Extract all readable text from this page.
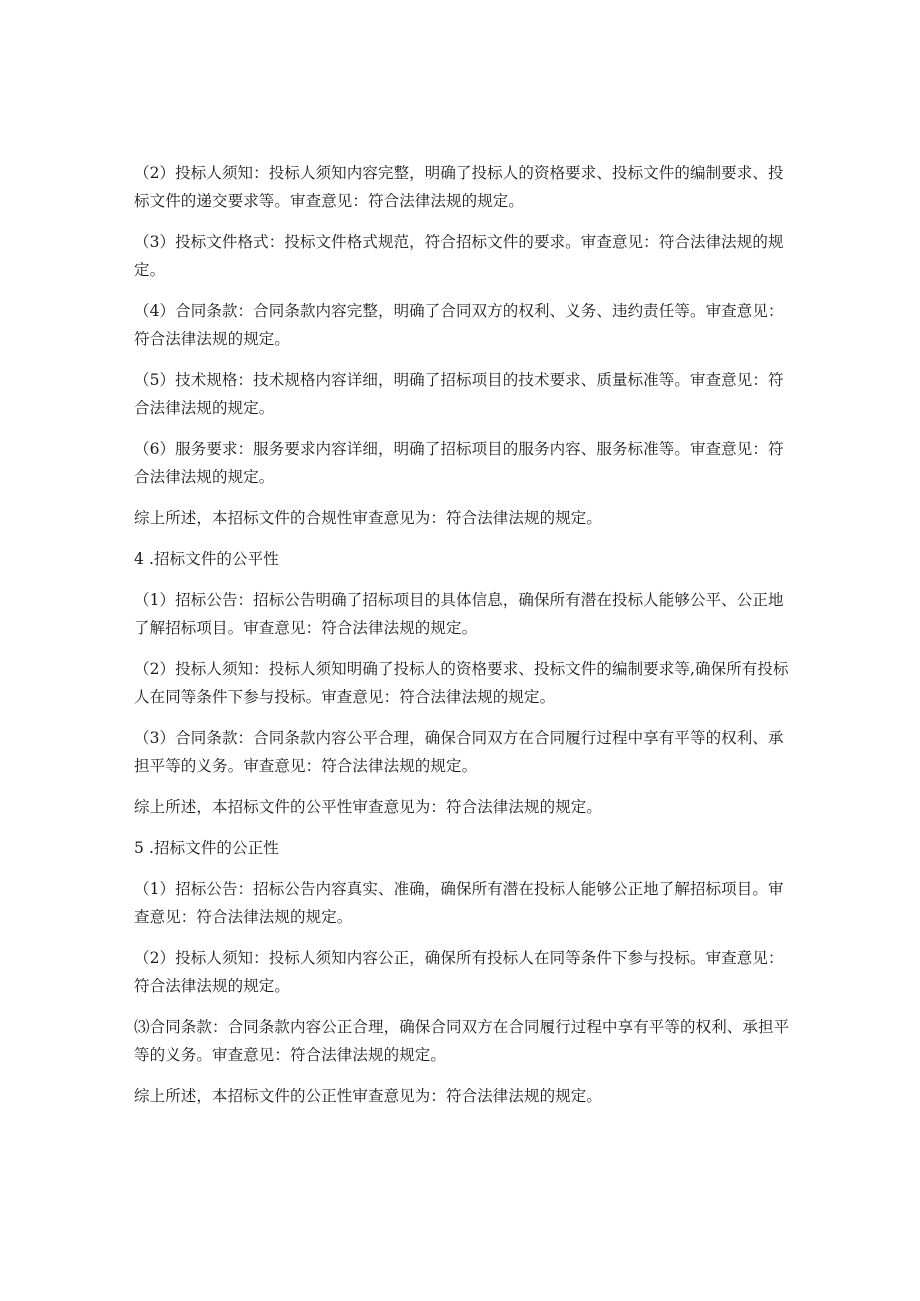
（2）投标人须知：投标人须知内容完整，明确了投标人的资格要求、投标文件的编制要求、投标文件的递交要求等。审查意见：符合法律法规的规定。

（3）投标文件格式：投标文件格式规范，符合招标文件的要求。审查意见：符合法律法规的规定。

（4）合同条款：合同条款内容完整，明确了合同双方的权利、义务、违约责任等。审查意见：符合法律法规的规定。

（5）技术规格：技术规格内容详细，明确了招标项目的技术要求、质量标准等。审查意见：符合法律法规的规定。

（6）服务要求：服务要求内容详细，明确了招标项目的服务内容、服务标准等。审查意见：符合法律法规的规定。

综上所述，本招标文件的合规性审查意见为：符合法律法规的规定。

4 .招标文件的公平性

（1）招标公告：招标公告明确了招标项目的具体信息，确保所有潜在投标人能够公平、公正地了解招标项目。审查意见：符合法律法规的规定。

（2）投标人须知：投标人须知明确了投标人的资格要求、投标文件的编制要求等,确保所有投标人在同等条件下参与投标。审查意见：符合法律法规的规定。

（3）合同条款：合同条款内容公平合理，确保合同双方在合同履行过程中享有平等的权利、承担平等的义务。审查意见：符合法律法规的规定。

综上所述，本招标文件的公平性审查意见为：符合法律法规的规定。

5 .招标文件的公正性

（1）招标公告：招标公告内容真实、准确，确保所有潜在投标人能够公正地了解招标项目。审查意见：符合法律法规的规定。

（2）投标人须知：投标人须知内容公正，确保所有投标人在同等条件下参与投标。审查意见：符合法律法规的规定。

⑶合同条款：合同条款内容公正合理，确保合同双方在合同履行过程中享有平等的权利、承担平等的义务。审查意见：符合法律法规的规定。

综上所述，本招标文件的公正性审查意见为：符合法律法规的规定。
